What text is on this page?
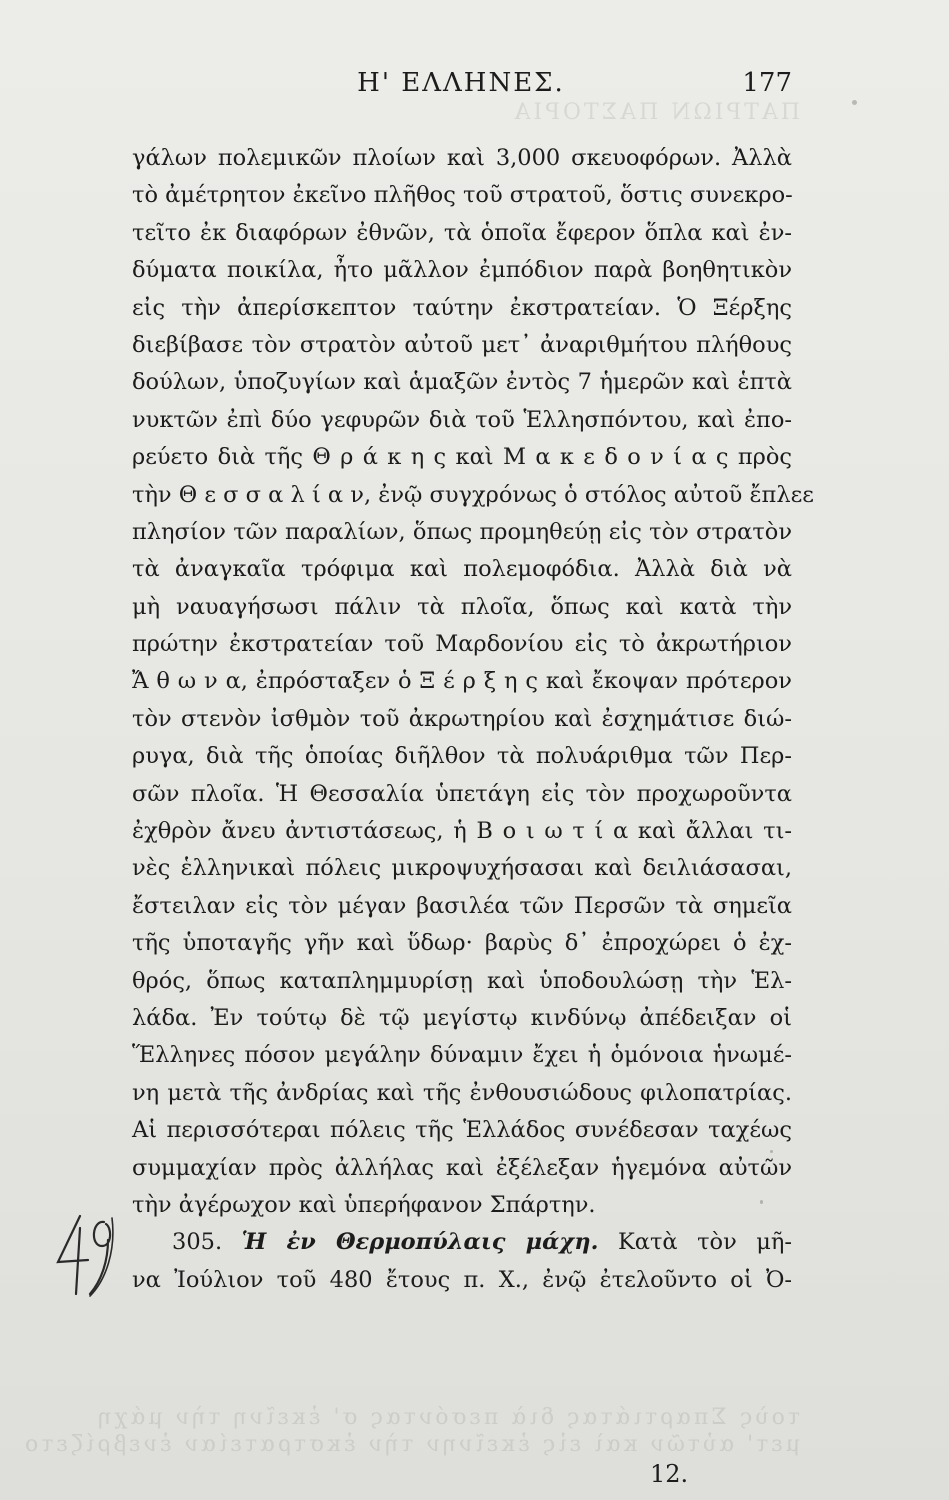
ΠΑΤΡΙΩΝ ΠΑΣΤΟΡΙΑ
Η' ΕΛΛΗΝΕΣ.	177
γάλων πολεμικῶν πλοίων καὶ 3,000 σκευοφόρων. Ἀλλὰ
τὸ ἀμέτρητον ἐκεῖνο πλῆθος τοῦ στρατοῦ, ὅστις συνεκρο-
τεῖτο ἐκ διαφόρων ἐθνῶν, τὰ ὁποῖα ἔφερον ὅπλα καὶ ἐν-
δύματα ποικίλα, ἦτο μᾶλλον ἐμπόδιον παρὰ βοηθητικὸν
εἰς τὴν ἀπερίσκεπτον ταύτην ἐκστρατείαν. Ὁ Ξέρξης
διεβίβασε τὸν στρατὸν αὐτοῦ μετ᾽ ἀναριθμήτου πλήθους
δούλων, ὑποζυγίων καὶ ἁμαξῶν ἐντὸς 7 ἡμερῶν καὶ ἑπτὰ
νυκτῶν ἐπὶ δύο γεφυρῶν διὰ τοῦ Ἑλλησπόντου, καὶ ἐπο-
ρεύετο διὰ τῆς Θ ρ ά κ η ς καὶ Μ α κ ε δ ο ν ί α ς πρὸς
τὴν Θ ε σ σ α λ ί α ν, ἐνῷ συγχρόνως ὁ στόλος αὐτοῦ ἔπλεε
πλησίον τῶν παραλίων, ὅπως προμηθεύῃ εἰς τὸν στρατὸν
τὰ ἀναγκαῖα τρόφιμα καὶ πολεμοφόδια. Ἀλλὰ διὰ νὰ
μὴ ναυαγήσωσι πάλιν τὰ πλοῖα, ὅπως καὶ κατὰ τὴν
πρώτην ἐκστρατείαν τοῦ Μαρδονίου εἰς τὸ ἀκρωτήριον
Ἄ θ ω ν α, ἐπρόσταξεν ὁ Ξ έ ρ ξ η ς καὶ ἔκοψαν πρότερον
τὸν στενὸν ἰσθμὸν τοῦ ἀκρωτηρίου καὶ ἐσχημάτισε διώ-
ρυγα, διὰ τῆς ὁποίας διῆλθον τὰ πολυάριθμα τῶν Περ-
σῶν πλοῖα. Ἡ Θεσσαλία ὑπετάγη εἰς τὸν προχωροῦντα
ἐχθρὸν ἄνευ ἀντιστάσεως, ἡ Β ο ι ω τ ί α καὶ ἄλλαι τι-
νὲς ἑλληνικαὶ πόλεις μικροψυχήσασαι καὶ δειλιάσασαι,
ἔστειλαν εἰς τὸν μέγαν βασιλέα τῶν Περσῶν τὰ σημεῖα
τῆς ὑποταγῆς γῆν καὶ ὕδωρ· βαρὺς δ᾽ ἐπροχώρει ὁ ἐχ-
θρός, ὅπως καταπλημμυρίσῃ καὶ ὑποδουλώσῃ τὴν Ἑλ-
λάδα. Ἐν τούτῳ δὲ τῷ μεγίστῳ κινδύνῳ ἀπέδειξαν οἱ
Ἕλληνες πόσον μεγάλην δύναμιν ἔχει ἡ ὁμόνοια ἡνωμέ-
νη μετὰ τῆς ἀνδρίας καὶ τῆς ἐνθουσιώδους φιλοπατρίας.
Αἱ περισσότεραι πόλεις τῆς Ἑλλάδος συνέδεσαν ταχέως
συμμαχίαν πρὸς ἀλλήλας καὶ ἐξέλεξαν ἡγεμόνα αὐτῶν
τὴν ἀγέρωχον καὶ ὑπερήφανον Σπάρτην.
305. Ἡ ἐν Θερμοπύλαις μάχη. Κατὰ τὸν μῆ-
να Ἰούλιον τοῦ 480 ἔτους π. Χ., ἐνῷ ἐτελοῦντο οἱ Ὀ-
τοὺς Σπαρτιάτας διὰ πεσόντας σ' ἐκεῖνη τὴν μάχη
μετ' αὐτῶν καὶ εἰς ἐκεῖνην τὴν ἐκστρατείαν ἐνεβρίζετο
12.
